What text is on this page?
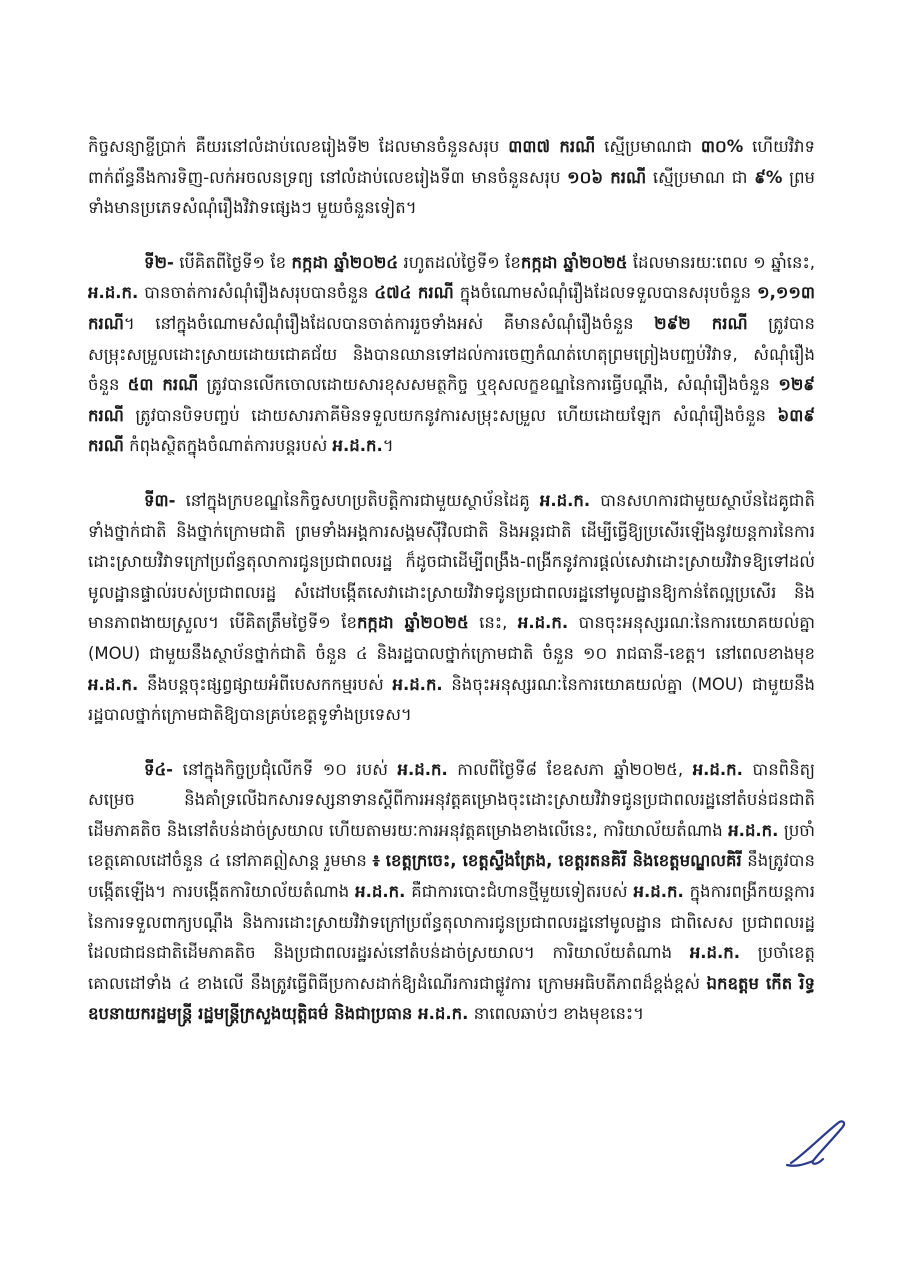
កិច្ចសន្យាខ្ចីប្រាក់ គឺយរនៅលំដាប់លេខរៀងទី២ ដែលមានចំនួនសរុប ៣៣៧ ករណី ស្មើប្រមាណជា ៣០% ហើយវិវាទពាក់ព័ន្ធនឹងការទិញ-លក់អចលនទ្រព្យ នៅលំដាប់លេខរៀងទី៣ មានចំនួនសរុប ១០៦ ករណី ស្មើប្រមាណ ជា ៩% ព្រមទាំងមានប្រភេទសំណុំរឿងវិវាទផ្សេងៗ មួយចំនួនទៀត។

ទី២- បើគិតពីថ្ងៃទី១ ខែ កក្កដា ឆ្នាំ២០២៤ រហូតដល់ថ្ងៃទី១ ខែកក្កដា ឆ្នាំ២០២៥ ដែលមានរយៈពេល ១ ឆ្នាំនេះ, អ.ដ.ក. បានចាត់ការសំណុំរឿងសរុបបានចំនួន ៤៧៤ ករណី ក្នុងចំណោមសំណុំរឿងដែលទទួលបានសរុបចំនួន ១,១១៣ ករណី។ នៅក្នុងចំណោមសំណុំរឿងដែលបានចាត់ការរួចទាំងអស់ គឺមានសំណុំរឿងចំនួន ២៩២ ករណី ត្រូវបានសម្រុះសម្រួលដោះស្រាយដោយជោគជ័យ និងបានឈានទៅដល់ការចេញកំណត់ហេតុព្រមព្រៀងបញ្ចប់វិវាទ, សំណុំរឿងចំនួន ៥៣ ករណី ត្រូវបានលើកចោលដោយសារខុសសមត្ថកិច្ច ឬខុសលក្ខខណ្ឌនៃការធ្វើបណ្តឹង, សំណុំរឿងចំនួន ១២៩ ករណី ត្រូវបានបិទបញ្ចប់ ដោយសារភាគីមិនទទួលយកនូវការសម្រុះសម្រួល ហើយដោយឡែក សំណុំរឿងចំនួន ៦៣៩ ករណី កំពុងស្ថិតក្នុងចំណាត់ការបន្តរបស់ អ.ដ.ក.។

ទី៣- នៅក្នុងក្របខណ្ឌនៃកិច្ចសហប្រតិបត្តិការជាមួយស្ថាប័នដៃគូ អ.ដ.ក. បានសហការជាមួយស្ថាប័នដៃគូជាតិ ទាំងថ្នាក់ជាតិ និងថ្នាក់ក្រោមជាតិ ព្រមទាំងអង្គការសង្គមស៊ីវិលជាតិ និងអន្តរជាតិ ដើម្បីធ្វើឱ្យប្រសើរឡើងនូវយន្តការនៃការដោះស្រាយវិវាទក្រៅប្រព័ន្ធតុលាការជូនប្រជាពលរដ្ឋ ក៏ដូចជាដើម្បីពង្រឹង-ពង្រីកនូវការផ្តល់សេវាដោះស្រាយវិវាទឱ្យទៅដល់មូលដ្ឋានផ្ទាល់របស់ប្រជាពលរដ្ឋ សំដៅបង្កើតសេវាដោះស្រាយវិវាទជូនប្រជាពលរដ្ឋនៅមូលដ្ឋានឱ្យកាន់តែល្អប្រសើរ និងមានភាពងាយស្រួល។ បើគិតត្រឹមថ្ងៃទី១ ខែកក្កដា ឆ្នាំ២០២៥ នេះ, អ.ដ.ក. បានចុះអនុស្សរណៈនៃការយោគយល់គ្នា (MOU) ជាមួយនឹងស្ថាប័នថ្នាក់ជាតិ ចំនួន ៤ និងរដ្ឋបាលថ្នាក់ក្រោមជាតិ ចំនួន ១០ រាជធានី-ខេត្ត។ នៅពេលខាងមុខ អ.ដ.ក. នឹងបន្តចុះផ្សព្វផ្សាយអំពីបេសកកម្មរបស់ អ.ដ.ក. និងចុះអនុស្សរណៈនៃការយោគយល់គ្នា (MOU) ជាមួយនឹងរដ្ឋបាលថ្នាក់ក្រោមជាតិឱ្យបានគ្រប់ខេត្តទូទាំងប្រទេស។

ទី៤- នៅក្នុងកិច្ចប្រជុំលើកទី ១០ របស់ អ.ដ.ក. កាលពីថ្ងៃទី៨ ខែឧសភា ឆ្នាំ២០២៥, អ.ដ.ក. បានពិនិត្យ សម្រេច និងគាំទ្រលើឯកសារទស្សនាទានស្តីពីការអនុវត្តគម្រោងចុះដោះស្រាយវិវាទជូនប្រជាពលរដ្ឋនៅតំបន់ជនជាតិដើមភាគតិច និងនៅតំបន់ដាច់ស្រយាល ហើយតាមរយៈការអនុវត្តគម្រោងខាងលើនេះ, ការិយាល័យតំណាង អ.ដ.ក. ប្រចាំខេត្តគោលដៅចំនួន ៤ នៅភាគឦសាន្ត រួមមាន ៖ ខេត្តក្រចេះ, ខេត្តស្ទឹងត្រែង, ខេត្តរតនគិរី និងខេត្តមណ្ឌលគិរី នឹងត្រូវបានបង្កើតឡើង។ ការបង្កើតការិយាល័យតំណាង អ.ដ.ក. គឺជាការបោះជំហានថ្មីមួយទៀតរបស់ អ.ដ.ក. ក្នុងការពង្រីកយន្តការនៃការទទួលពាក្យបណ្តឹង និងការដោះស្រាយវិវាទក្រៅប្រព័ន្ធតុលាការជូនប្រជាពលរដ្ឋនៅមូលដ្ឋាន ជាពិសេស ប្រជាពលរដ្ឋដែលជាជនជាតិដើមភាគតិច និងប្រជាពលរដ្ឋរស់នៅតំបន់ដាច់ស្រយាល។ ការិយាល័យតំណាង អ.ដ.ក. ប្រចាំខេត្តគោលដៅទាំង ៤ ខាងលើ នឹងត្រូវធ្វើពិធីប្រកាសដាក់ឱ្យដំណើរការជាផ្លូវការ ក្រោមអធិបតីភាពដ៏ខ្ពង់ខ្ពស់ ឯកឧត្តម កើត រិទ្ធ ឧបនាយករដ្ឋមន្ត្រី រដ្ឋមន្ត្រីក្រសួងយុត្តិធម៌ និងជាប្រធាន អ.ដ.ក. នាពេលឆាប់ៗ ខាងមុខនេះ។
